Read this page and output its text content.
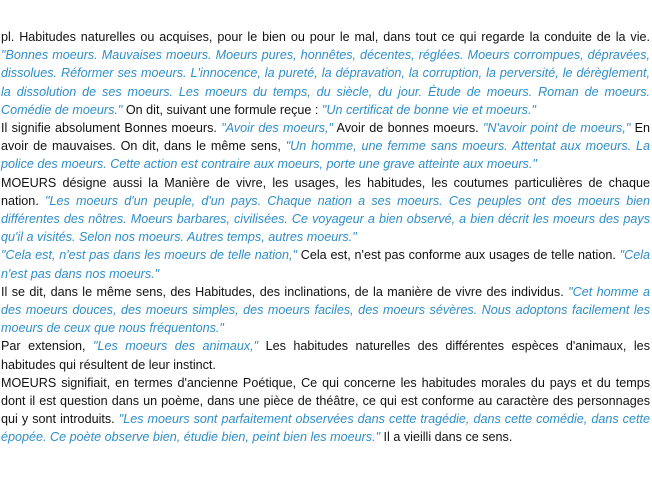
pl. Habitudes naturelles ou acquises, pour le bien ou pour le mal, dans tout ce qui regarde la conduite de la vie. "Bonnes moeurs. Mauvaises moeurs. Moeurs pures, honnêtes, décentes, réglées. Moeurs corrompues, dépravées, dissolues. Réformer ses moeurs. L'innocence, la pureté, la dépravation, la corruption, la perversité, le dérèglement, la dissolution de ses moeurs. Les moeurs du temps, du siècle, du jour. Étude de moeurs. Roman de moeurs. Comédie de moeurs." On dit, suivant une formule reçue : "Un certificat de bonne vie et moeurs."

Il signifie absolument Bonnes moeurs. "Avoir des moeurs," Avoir de bonnes moeurs. "N'avoir point de moeurs," En avoir de mauvaises. On dit, dans le même sens, "Un homme, une femme sans moeurs. Attentat aux moeurs. La police des moeurs. Cette action est contraire aux moeurs, porte une grave atteinte aux moeurs."

MOEURS désigne aussi la Manière de vivre, les usages, les habitudes, les coutumes particulières de chaque nation. "Les moeurs d'un peuple, d'un pays. Chaque nation a ses moeurs. Ces peuples ont des moeurs bien différentes des nôtres. Moeurs barbares, civilisées. Ce voyageur a bien observé, a bien décrit les moeurs des pays qu'il a visités. Selon nos moeurs. Autres temps, autres moeurs."

"Cela est, n'est pas dans les moeurs de telle nation," Cela est, n'est pas conforme aux usages de telle nation. "Cela n'est pas dans nos moeurs."

Il se dit, dans le même sens, des Habitudes, des inclinations, de la manière de vivre des individus. "Cet homme a des moeurs douces, des moeurs simples, des moeurs faciles, des moeurs sévères. Nous adoptons facilement les moeurs de ceux que nous fréquentons."

Par extension, "Les moeurs des animaux," Les habitudes naturelles des différentes espèces d'animaux, les habitudes qui résultent de leur instinct.

MOEURS signifiait, en termes d'ancienne Poétique, Ce qui concerne les habitudes morales du pays et du temps dont il est question dans un poème, dans une pièce de théâtre, ce qui est conforme au caractère des personnages qui y sont introduits. "Les moeurs sont parfaitement observées dans cette tragédie, dans cette comédie, dans cette épopée. Ce poète observe bien, étudie bien, peint bien les moeurs." Il a vieilli dans ce sens.
